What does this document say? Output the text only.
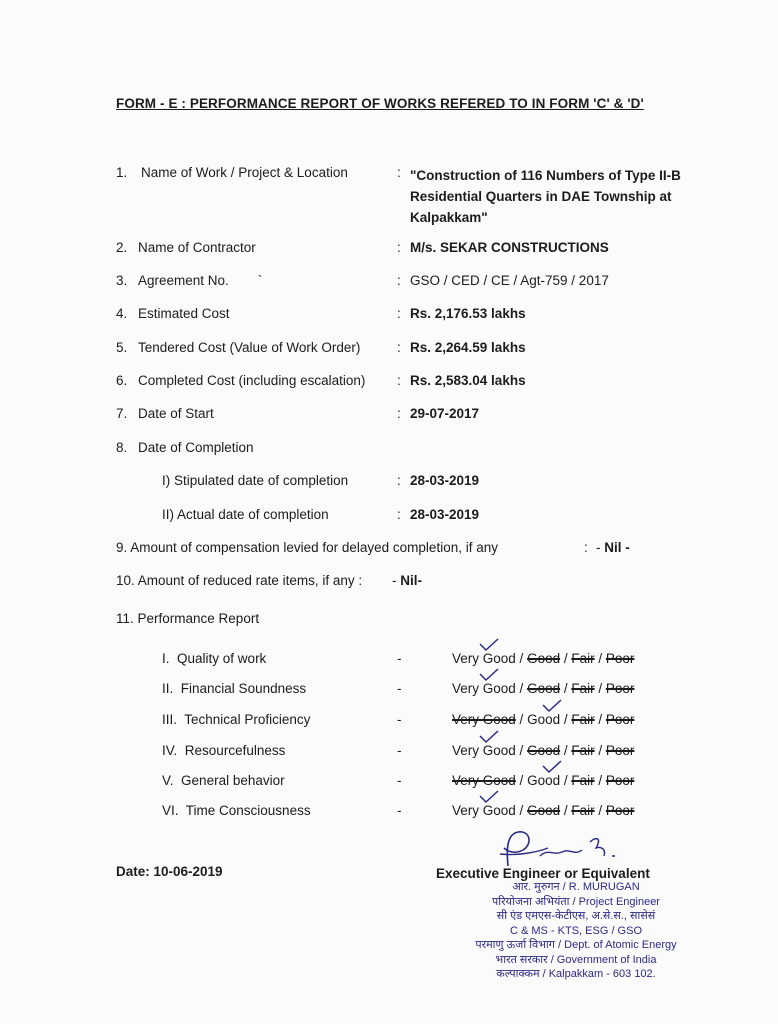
FORM - E : PERFORMANCE REPORT OF WORKS REFERED TO IN FORM 'C' & 'D'
1. Name of Work / Project & Location	: "Construction of 116 Numbers of Type II-B Residential Quarters in DAE Township at Kalpakkam"
2. Name of Contractor	: M/s. SEKAR CONSTRUCTIONS
3. Agreement No. `	: GSO / CED / CE / Agt-759 / 2017
4. Estimated Cost	: Rs. 2,176.53 lakhs
5. Tendered Cost (Value of Work Order)	: Rs. 2,264.59 lakhs
6. Completed Cost (including escalation) : Rs. 2,583.04 lakhs
7. Date of Start	: 29-07-2017
8. Date of Completion
I) Stipulated date of completion	: 28-03-2019
II) Actual date of completion	: 28-03-2019
9. Amount of compensation levied for delayed completion, if any	: - Nil -
10. Amount of reduced rate items, if any : - Nil-
11. Performance Report
I. Quality of work	-	Very Good / Good / Fair / Poor
II. Financial Soundness	-	Very Good / Good / Fair / Poor
III. Technical Proficiency	-	Very Good /
Good / Fair / Poor
IV. Resourcefulness	-	Very Good / Good / Fair / Poor
V. General behavior	-	Very Good /
Good / Fair / Poor
VI. Time Consciousness	-	Very Good / Good / Fair / Poor
Date: 10-06-2019	Executive Engineer or Equivalent
आर. मुरुगन / R. MURUGAN
परियोजना अभियंता / Project Engineer
सी एंड एमएस-केटीएस, अ.से.स., सासेसं
C & MS - KTS, ESG / GSO
परमाणु ऊर्जा विभाग / Dept. of Atomic Energy
भारत सरकार / Government of India
कल्पाक्कम / Kalpakkam - 603 102.
